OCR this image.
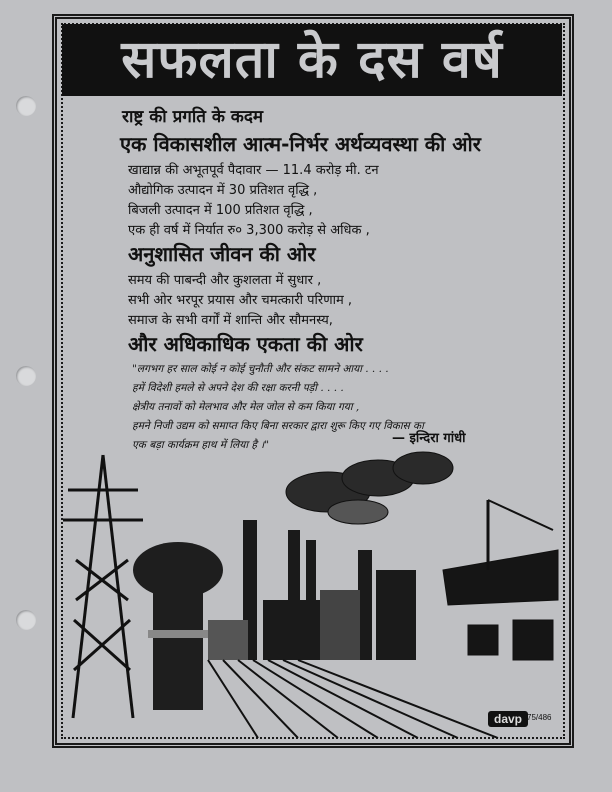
सफलता के दस वर्ष
राष्ट्र की प्रगति के कदम
एक विकासशील आत्म-निर्भर अर्थव्यवस्था की ओर
खाद्यान्न की अभूतपूर्व पैदावार — 11.4 करोड़ मी. टन
औद्योगिक उत्पादन में 30 प्रतिशत वृद्धि ,
बिजली उत्पादन में 100 प्रतिशत वृद्धि ,
एक ही वर्ष में निर्यात रु० 3,300 करोड़ से अधिक ,
अनुशासित जीवन की ओर
समय की पाबन्दी और कुशलता में सुधार ,
सभी ओर भरपूर प्रयास और चमत्कारी परिणाम ,
समाज के सभी वर्गों में शान्ति और सौमनस्य,
और अधिकाधिक एकता की ओर
"लगभग हर साल कोई न कोई चुनौती और संकट सामने आया . . . .
हमें विदेशी हमले से अपने देश की रक्षा करनी पड़ी . . . .
क्षेत्रीय तनावों को मेलभाव और मेल जोल से कम किया गया ,
हमने निजी उद्यम को समाप्त किए बिना सरकार द्वारा शुरू किए गए विकास का
एक बड़ा कार्यक्रम हाथ में लिया है ।"	— इन्दिरा गांधी
davp 75/486
